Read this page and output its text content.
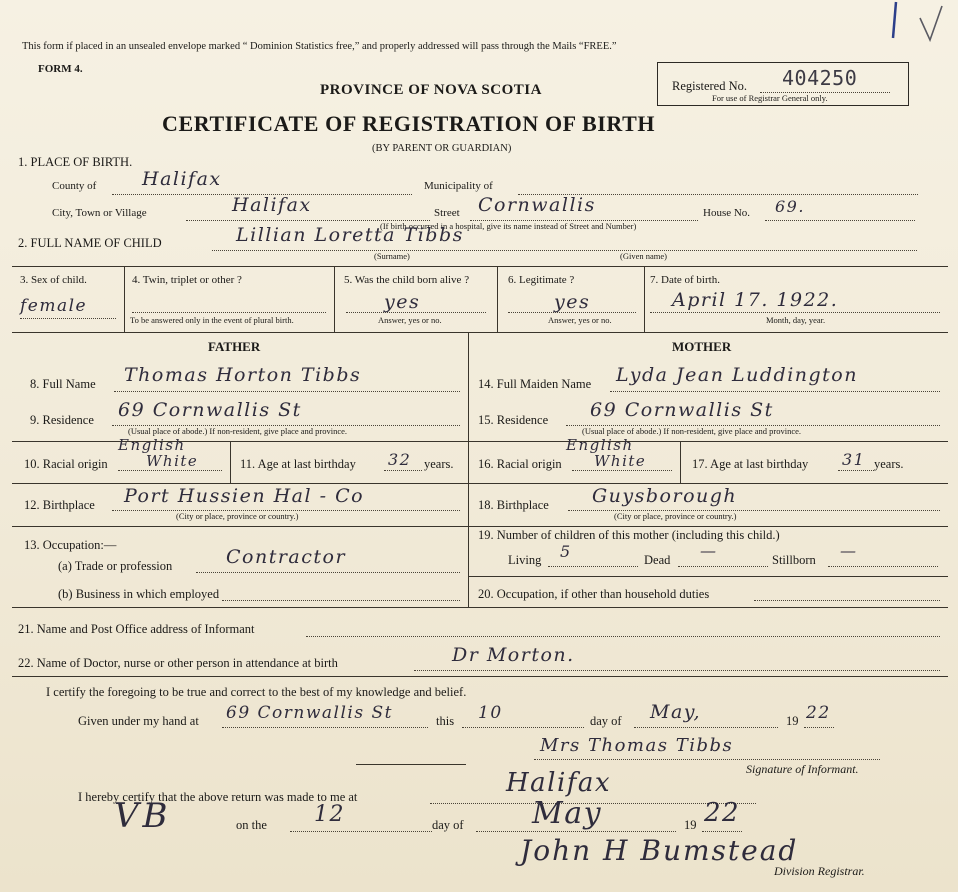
This form if placed in an unsealed envelope marked “ Dominion Statistics free,” and properly addressed will pass through the Mails “FREE.”
FORM 4.
PROVINCE OF NOVA SCOTIA
CERTIFICATE OF REGISTRATION OF BIRTH
(BY PARENT OR GUARDIAN)
Registered No. 404250
For use of Registrar General only.
1. PLACE OF BIRTH.
County of Halifax	Municipality of
City, Town or Village	Halifax	Street Cornwallis	House No. 69.
(If birth occurred in a hospital, give its name instead of Street and Number)
2. FULL NAME OF CHILD	Lillian Loretta Tibbs
(Surname)	(Given name)
3. Sex of child.
female
4. Twin, triplet or other ?
To be answered only in the event of plural birth.
5. Was the child born alive ?
yes
Answer, yes or no.
6. Legitimate ?
yes
Answer, yes or no.
7. Date of birth.
April 17. 1922.
Month, day, year.
FATHER	MOTHER
8. Full Name Thomas Horton Tibbs
9. Residence 69 Cornwallis St
(Usual place of abode.) If non-resident, give place and province.
10. Racial origin
English
White	11. Age at last birthday 32 years.
12. Birthplace Port Hussien Hal - Co
(City or place, province or country.)
13. Occupation:—
(a) Trade or profession	Contractor
(b) Business in which employed
14. Full Maiden Name Lyda Jean Luddington
15. Residence 69 Cornwallis St
(Usual place of abode.) If non-resident, give place and province.
16. Racial origin
English
White	17. Age at last birthday 31 years.
18. Birthplace Guysborough
(City or place, province or country.)
19. Number of children of this mother (including this child.)
Living 5	Dead —	Stillborn —
20. Occupation, if other than household duties
21. Name and Post Office address of Informant
22. Name of Doctor, nurse or other person in attendance at birth	Dr Morton.
I certify the foregoing to be true and correct to the best of my knowledge and belief.
Given under my hand at 69 Cornwallis St	this 10	day of May,	19 22
Mrs Thomas Tibbs
Signature of Informant.
I hereby certify that the above return was made to me at	Halifax
VB	on the 12	day of May	19 22
John H Bumstead
Division Registrar.
